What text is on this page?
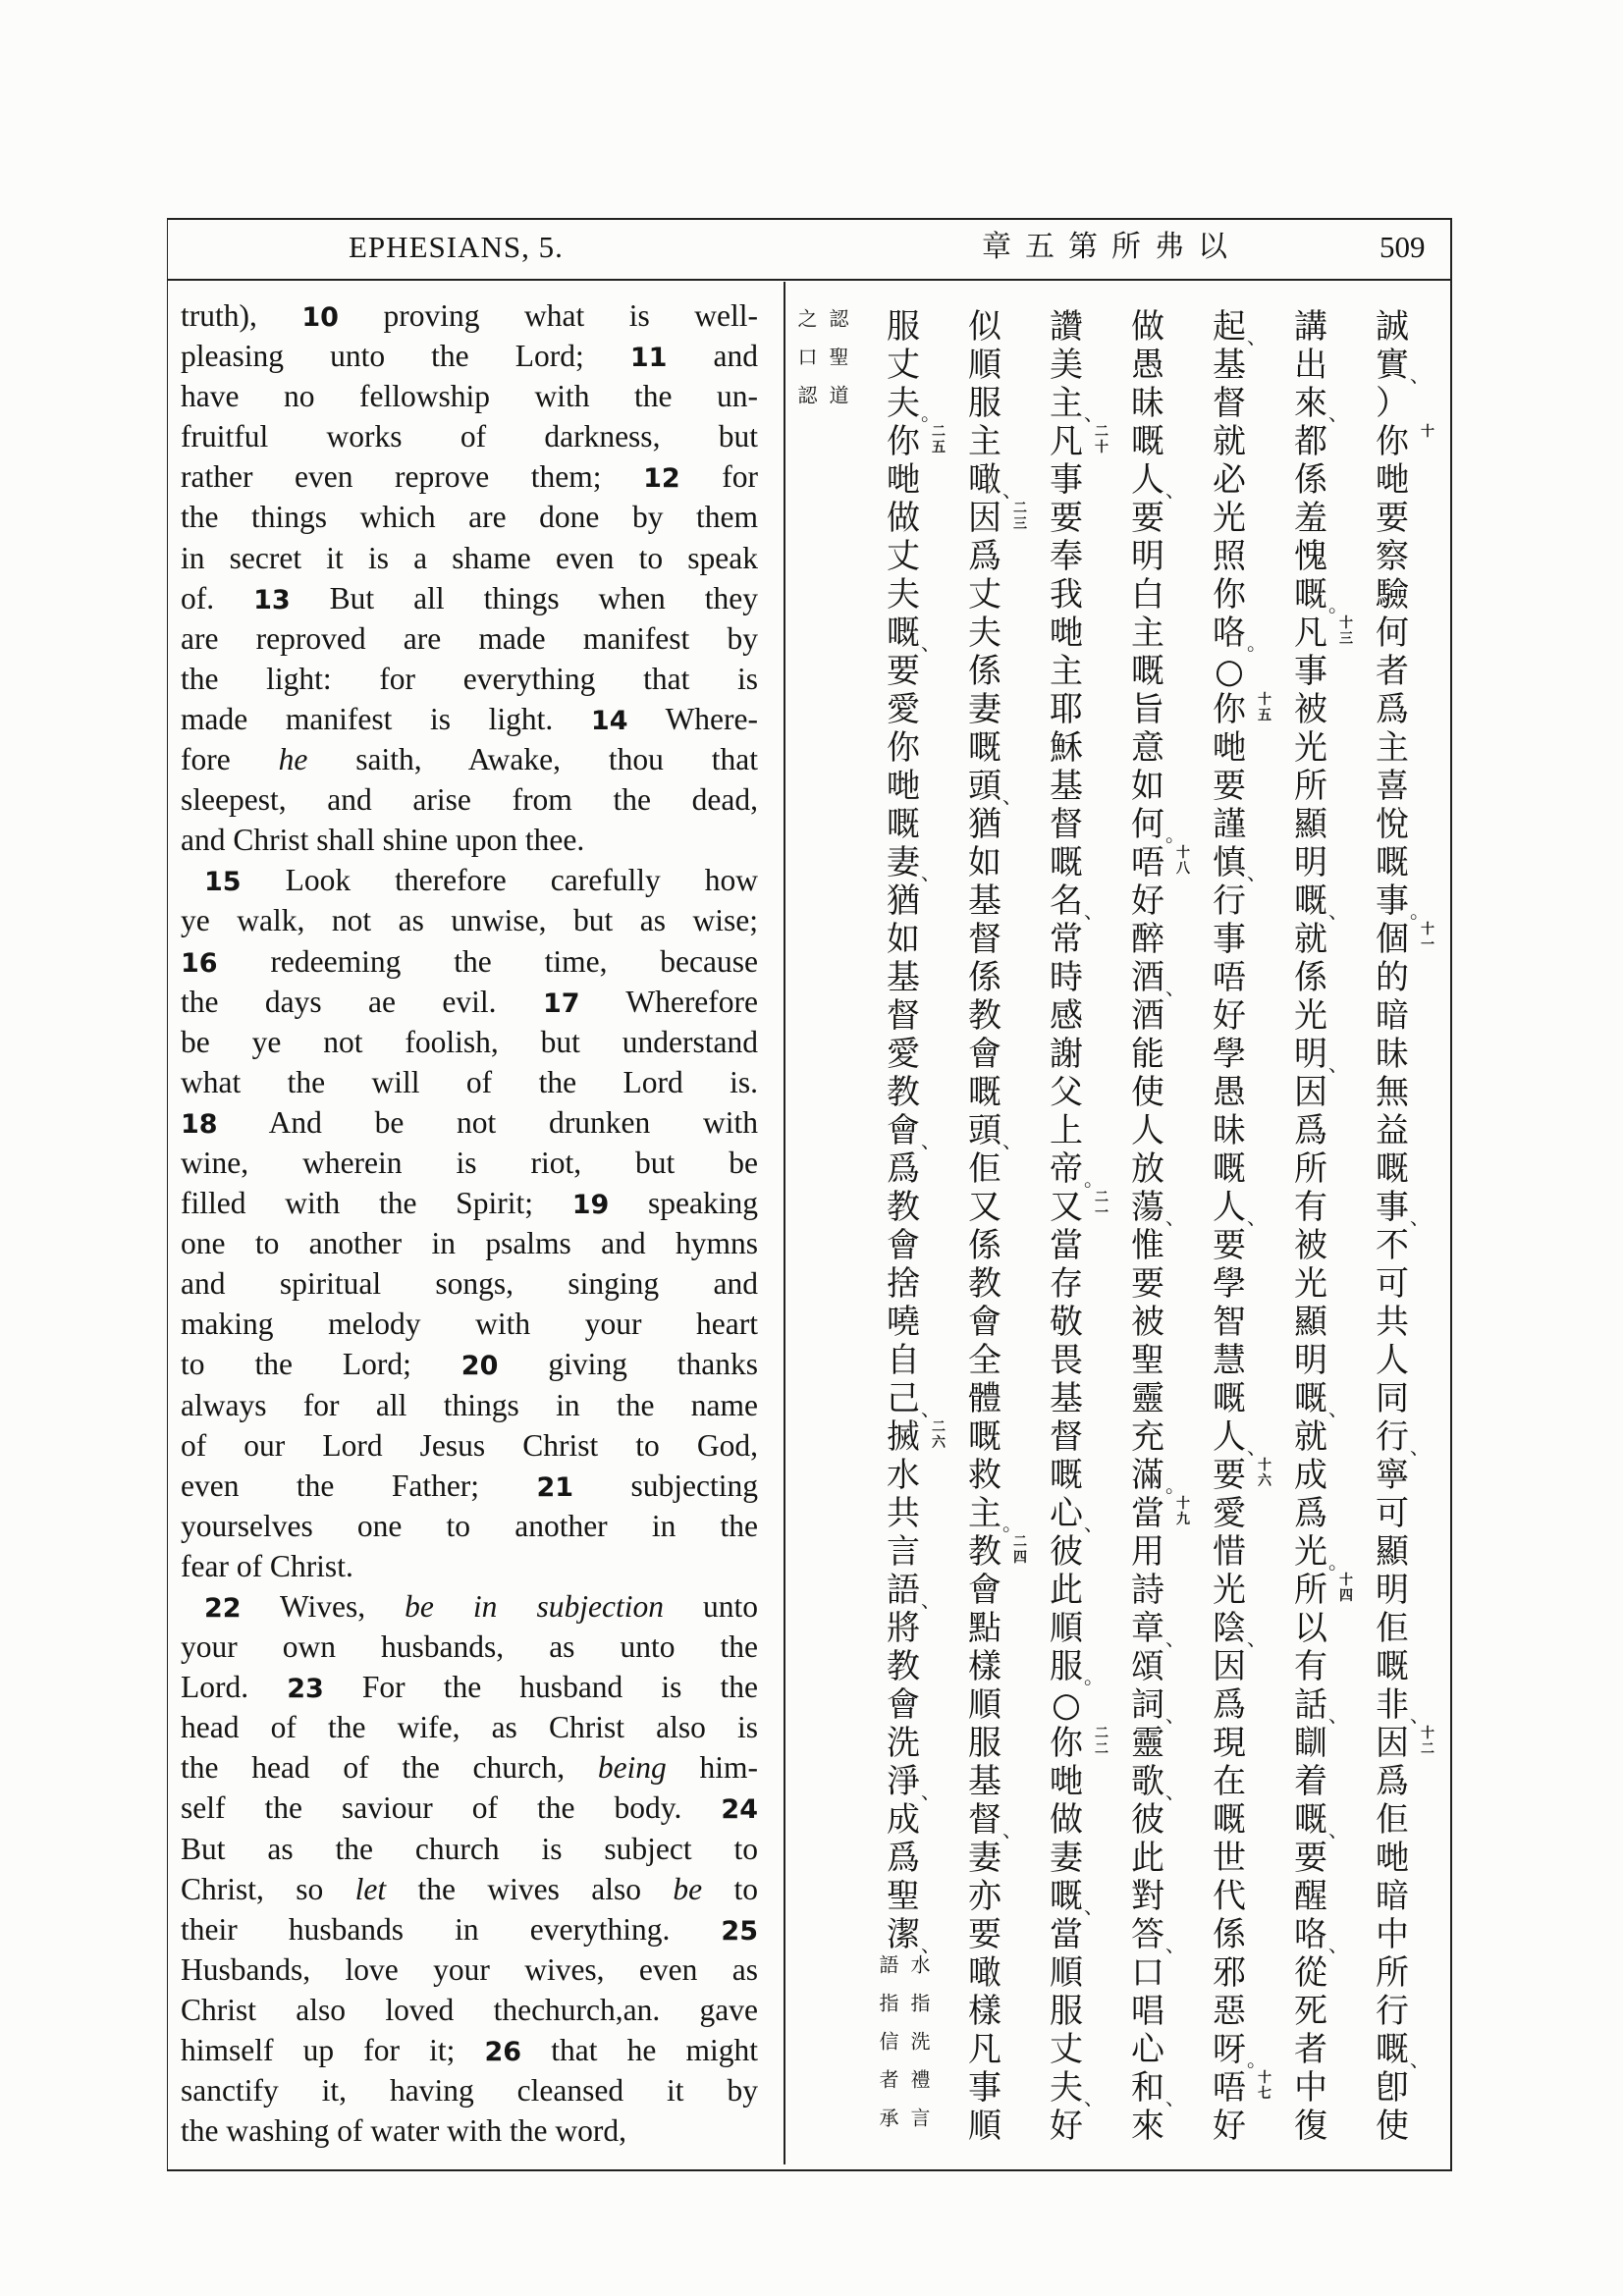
EPHESIANS, 5.	章五第所弗以	509
truth), 10 proving what is well-
pleasing unto the Lord; 11 and
have no fellowship with the un-
fruitful works of darkness, but
rather even reprove them; 12 for
the things which are done by them
in secret it is a shame even to speak
of. 13 But all things when they
are reproved are made manifest by
the light: for everything that is
made manifest is light. 14 Where-
fore he saith, Awake, thou that
sleepest, and arise from the dead,
and Christ shall shine upon thee.
15 Look therefore carefully how
ye walk, not as unwise, but as wise;
16 redeeming the time, because
the days ae evil. 17 Wherefore
be ye not foolish, but understand
what the will of the Lord is.
18 And be not drunken with
wine, wherein is riot, but be
filled with the Spirit; 19 speaking
one to another in psalms and hymns
and spiritual songs, singing and
making melody with your heart
to the Lord; 20 giving thanks
always for all things in the name
of our Lord Jesus Christ to God,
even the Father; 21 subjecting
yourselves one to another in the
fear of Christ.
22 Wives, be in subjection unto
your own husbands, as unto the
Lord. 23 For the husband is the
head of the wife, as Christ also is
the head of the church, being him-
self the saviour of the body. 24
But as the church is subject to
Christ, so let the wives also be to
their husbands in everything. 25
Husbands, love your wives, even as
Christ also loved thechurch,an. gave
himself up for it; 26 that he might
sanctify it, having cleansed it by
the washing of water with the word,
誠
實 、
）
你 十
哋
要
察
驗
何
者
爲
主
喜
悅
嘅
事 。
個 十
一
的
暗
昧
無
益
嘅
事 、
不
可
共
人
同
行 、
寧
可
顯
明
佢
嘅
非 、
因 十
二
爲
佢
哋
暗
中
所
行
嘅 、
卽
使
講
出
來 、
都
係
羞
愧
嘅 。
凡 十
三
事
被
光
所
顯
明
嘅 、
就
係
光
明 、
因
爲
所
有
被
光
顯
明
嘅 、
就
成
爲
光 。
所 十
四
以
有
話 、
瞓
着
嘅 、
要
醒
咯 、
從
死
者
中
復
起 、
基
督
就
必
光
照
你
咯 。
○
你 十
五
哋
要
謹
慎 、
行
事
唔
好
學
愚
昧
嘅
人 、
要
學
智
慧
嘅
人 、
要 十
六
愛
惜
光
陰 、
因
爲
現
在
嘅
世
代
係
邪
惡
呀 。
唔 十
七
好
做
愚
昧
嘅
人 、
要
明
白
主
嘅
旨
意
如
何 。
唔 十
八
好
醉
酒 、
酒
能
使
人
放
蕩 、
惟
要
被
聖
靈
充
滿 。
當 十
九
用
詩
章 、
頌
詞 、
靈
歌 、
彼
此
對
答 、
口
唱
心
和 、
來
讚
美
主 、
凡 二
十
事
要
奉
我
哋
主
耶
穌
基
督
嘅
名 、
常
時
感
謝
父
上
帝 。
又 二
一
當
存
敬
畏
基
督
嘅
心 、
彼
此
順
服 。
○
你 二
二
哋
做
妻
嘅 、
當
順
服
丈
夫 、
好
似
順
服
主
噉 、
因 二
三
爲
丈
夫
係
妻
嘅
頭 、
猶
如
基
督
係
教
會
嘅
頭 、
佢
又
係
教
會
全
體
嘅
救
主 。
教 二
四
會
點
樣
順
服
基
督 、
妻
亦
要
噉
樣
凡
事
順
服
丈
夫 。
你 二
五
哋
做
丈
夫
嘅 、
要
愛
你
哋
嘅
妻 、
猶
如
基
督
愛
教
會 、
爲
教
會
捨
嘵
自
己 、
搣 二
六
水
共
言
語 、
將
教
會
洗
淨 、
成
爲
聖
潔 、
語指信者承 水指洗禮言
之口認 認聖道
